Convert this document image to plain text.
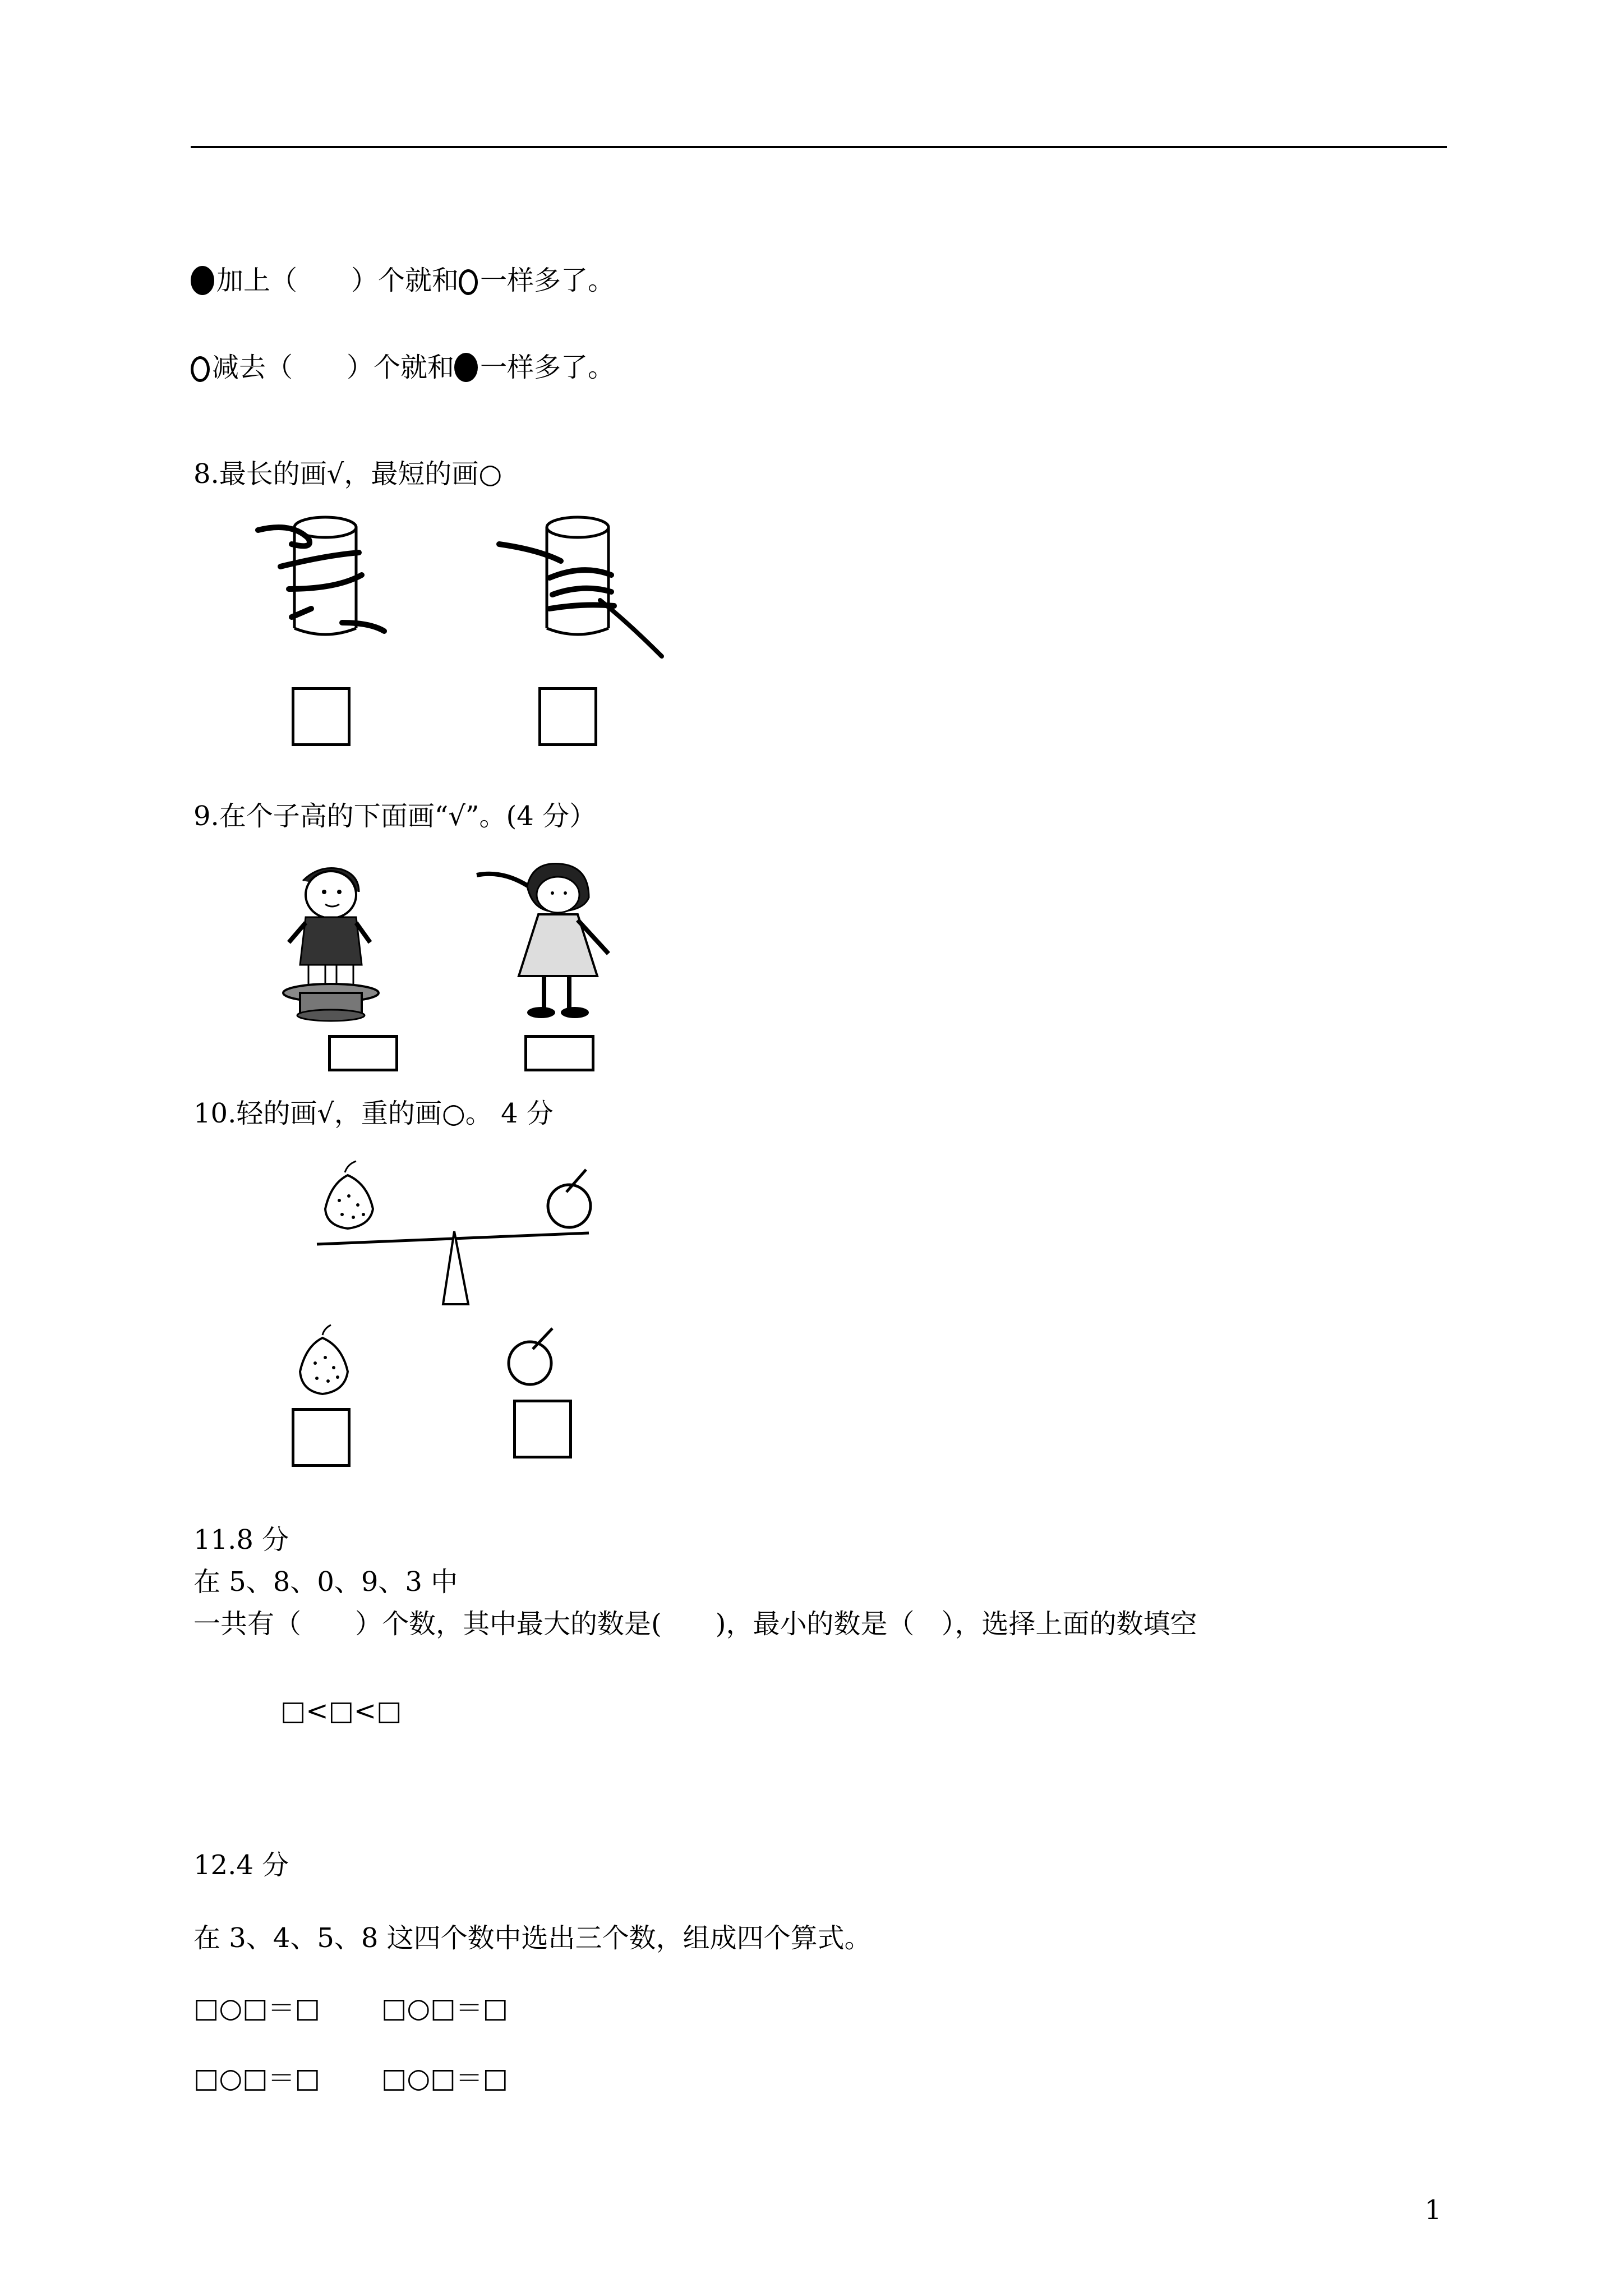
加上（　　）个就和 一样多了。
减去（　　）个就和 一样多了。
8.最长的画√，最短的画○
9.在个子高的下面画“√”。(4 分）
10.轻的画√，重的画○。 4 分
11.8 分
在 5、8、0、9、3 中
一共有（　　）个数，其中最大的数是(　　)，最小的数是（　），选择上面的数填空
□<□<□
12.4 分
在 3、4、5、8 这四个数中选出三个数，组成四个算式。
□○□＝□ □○□＝□
□○□＝□ □○□＝□
1
